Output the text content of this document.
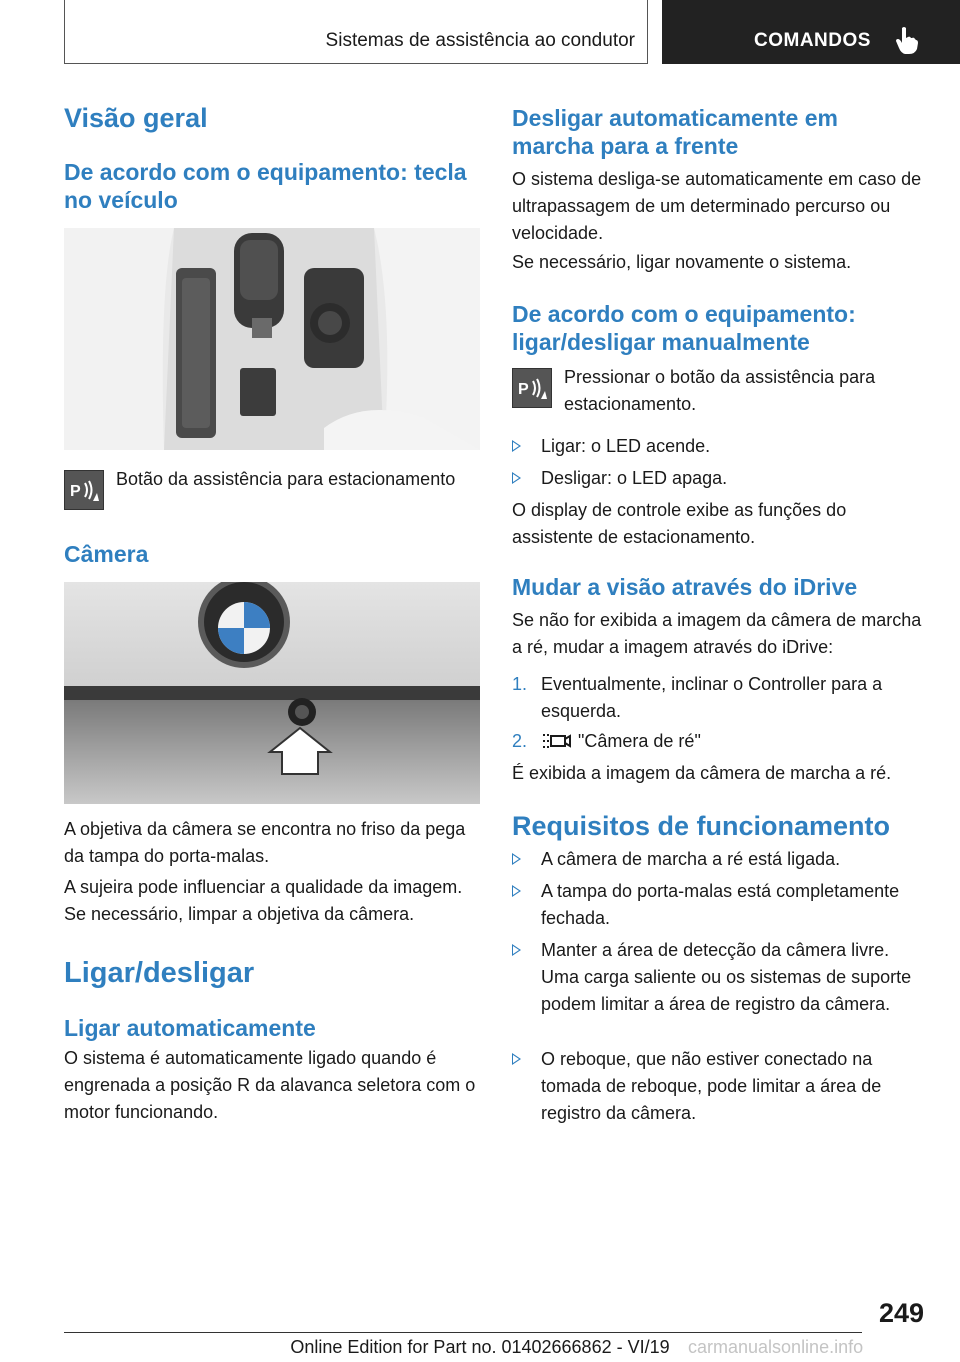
Sistemas de assistência ao condutor	COMANDOS
Visão geral
De acordo com o equipamento: tecla no veículo
P

Botão da assistência para estacionamento

Câmera

A objetiva da câmera se encontra no friso da pega da tampa do porta-malas.

A sujeira pode influenciar a qualidade da imagem. Se necessário, limpar a objetiva da câmera.

Ligar/desligar
Ligar automaticamente

O sistema é automaticamente ligado quando é engrenada a posição R da alavanca seletora com o motor funcionando.

Desligar automaticamente em marcha para a frente

O sistema desliga-se automaticamente em caso de ultrapassagem de um determinado percurso ou velocidade.

Se necessário, ligar novamente o sistema.

De acordo com o equipamento: ligar/desligar manualmente
P

Pressionar o botão da assistência para estacionamento.

Ligar: o LED acende.
Desligar: o LED apaga.

O display de controle exibe as funções do assistente de estacionamento.

Mudar a visão através do iDrive

Se não for exibida a imagem da câmera de marcha a ré, mudar a imagem através do iDrive:

1. Eventualmente, inclinar o Controller para a esquerda.
2.	"Câmera de ré"

É exibida a imagem da câmera de marcha a ré.

Requisitos de funcionamento
A câmera de marcha a ré está ligada.
A tampa do porta-malas está completamente fechada.
Manter a área de detecção da câmera livre. Uma carga saliente ou os sistemas de suporte podem limitar a área de registro da câmera.
O reboque, que não estiver conectado na tomada de reboque, pode limitar a área de registro da câmera.
249
Online Edition for Part no. 01402666862 - VI/19	carmanualsonline.info
